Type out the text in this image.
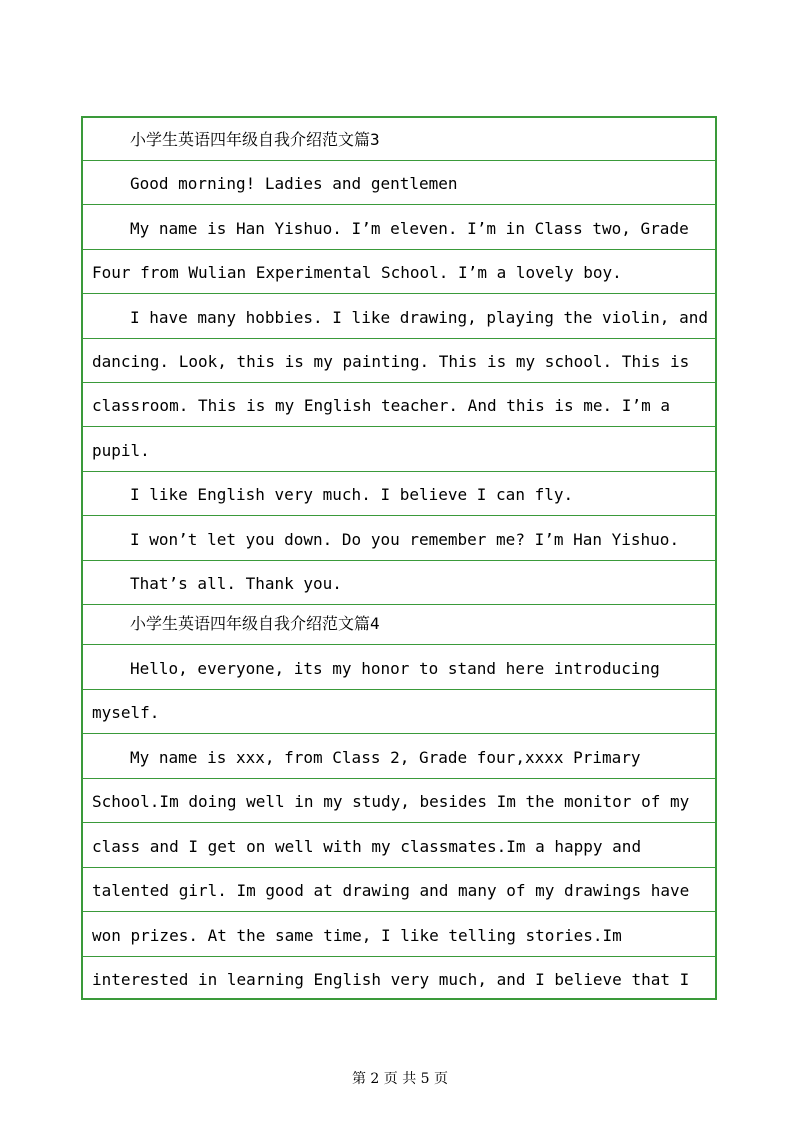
小学生英语四年级自我介绍范文篇3
Good morning! Ladies and gentlemen
My name is Han Yishuo. I’m eleven. I’m in Class two, Grade
Four from Wulian Experimental School. I’m a lovely boy.
I have many hobbies. I like drawing, playing the violin, and
dancing. Look, this is my painting. This is my school. This is
classroom. This is my English teacher. And this is me. I’m a
pupil.
I like English very much. I believe I can fly.
I won’t let you down. Do you remember me? I’m Han Yishuo.
That’s all. Thank you.
小学生英语四年级自我介绍范文篇4
Hello, everyone, its my honor to stand here introducing
myself.
My name is xxx, from Class 2, Grade four,xxxx Primary
School.Im doing well in my study, besides Im the monitor of my
class and I get on well with my classmates.Im a happy and
talented girl. Im good at drawing and many of my drawings have
won prizes. At the same time, I like telling stories.Im
interested in learning English very much, and I believe that I
第 2 页 共 5 页
